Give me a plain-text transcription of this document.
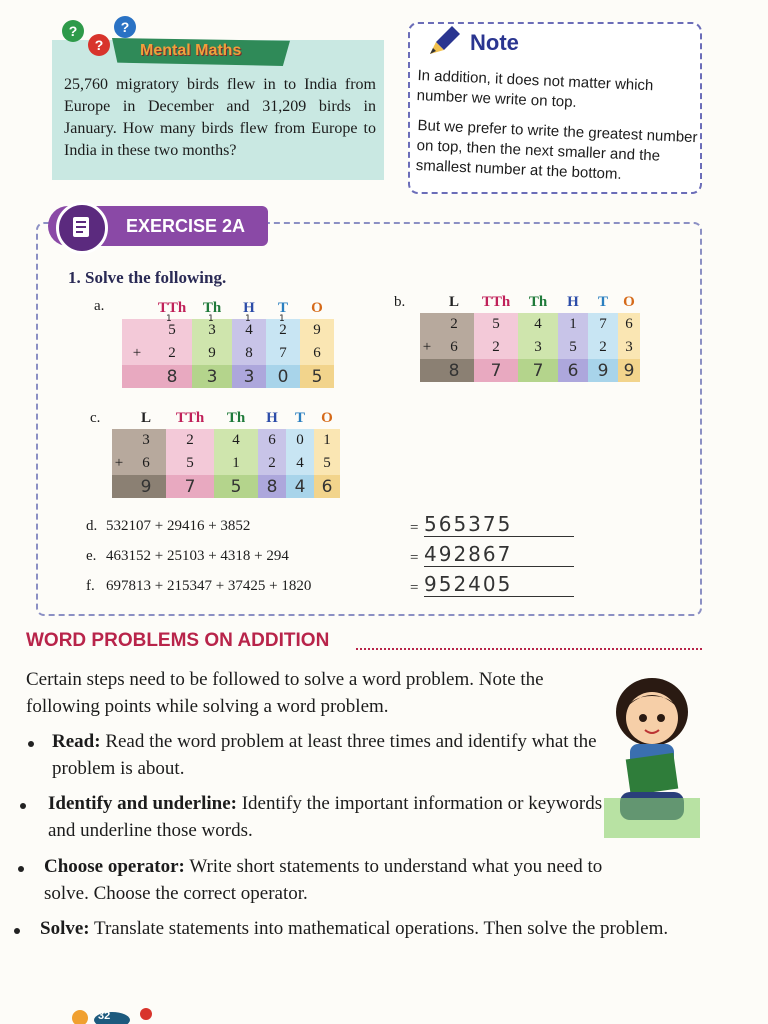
?
?
?
Mental Maths
25,760 migratory birds flew in to India from Europe in December and 31,209 birds in January. How many birds flew from Europe to India in these two months?
Note
In addition, it does not matter which number we write on top.
But we prefer to write the greatest number on top, then the next smaller and the smallest number at the bottom.
EXERCISE 2A
1. Solve the following.
a.
		TTh	Th	H	T	O
	5	3	4	2	9
+	2	9	8	7	6
	8	3	3	0	5
1	1	1	1
b.
		L	TTh	Th	H	T	O
	2	5	4	1	7	6
+	6	2	3	5	2	3
	8	7	7	6	9	9
c.
		L	TTh	Th	H	T	O
	3	2	4	6	0	1
+	6	5	1	2	4	5
	9	7	5	8	4	6
d. 532107 + 29416 + 3852	= 565375
e. 463152 + 25103 + 4318 + 294	= 492867
f. 697813 + 215347 + 37425 + 1820	= 952405
WORD PROBLEMS ON ADDITION
Certain steps need to be followed to solve a word problem. Note the following points while solving a word problem.
Read: Read the word problem at least three times and identify what the problem is about.
Identify and underline: Identify the important information or keywords and underline those words.
Choose operator: Write short statements to understand what you need to solve. Choose the correct operator.
Solve: Translate statements into mathematical operations. Then solve the problem.
32
